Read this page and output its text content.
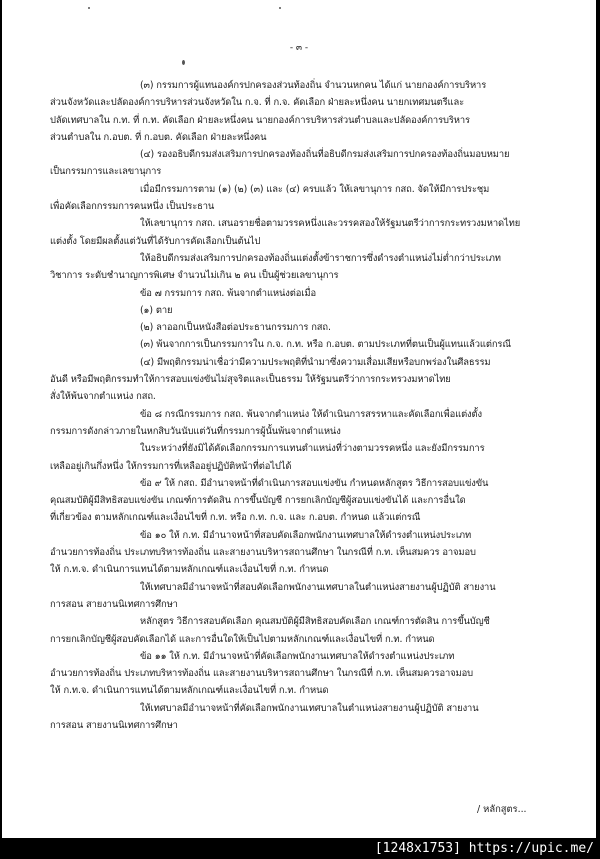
- ๓ -
(๓) กรรมการผู้แทนองค์กรปกครองส่วนท้องถิ่น จำนวนหกคน ได้แก่ นายกองค์การบริหาร
ส่วนจังหวัดและปลัดองค์การบริหารส่วนจังหวัดใน ก.จ. ที่ ก.จ. คัดเลือก ฝ่ายละหนึ่งคน นายกเทศมนตรีและ
ปลัดเทศบาลใน ก.ท. ที่ ก.ท. คัดเลือก ฝ่ายละหนึ่งคน นายกองค์การบริหารส่วนตำบลและปลัดองค์การบริหาร
ส่วนตำบลใน ก.อบต. ที่ ก.อบต. คัดเลือก ฝ่ายละหนึ่งคน
(๔) รองอธิบดีกรมส่งเสริมการปกครองท้องถิ่นที่อธิบดีกรมส่งเสริมการปกครองท้องถิ่นมอบหมาย
เป็นกรรมการและเลขานุการ
เมื่อมีกรรมการตาม (๑) (๒) (๓) และ (๔) ครบแล้ว ให้เลขานุการ กสถ. จัดให้มีการประชุม
เพื่อคัดเลือกกรรมการคนหนึ่ง เป็นประธาน
ให้เลขานุการ กสถ. เสนอรายชื่อตามวรรคหนึ่งและวรรคสองให้รัฐมนตรีว่าการกระทรวงมหาดไทย
แต่งตั้ง โดยมีผลตั้งแต่วันที่ได้รับการคัดเลือกเป็นต้นไป
ให้อธิบดีกรมส่งเสริมการปกครองท้องถิ่นแต่งตั้งข้าราชการซึ่งดำรงตำแหน่งไม่ต่ำกว่าประเภท
วิชาการ ระดับชำนาญการพิเศษ จำนวนไม่เกิน ๒ คน เป็นผู้ช่วยเลขานุการ
ข้อ ๗ กรรมการ กสถ. พ้นจากตำแหน่งต่อเมื่อ
(๑) ตาย
(๒) ลาออกเป็นหนังสือต่อประธานกรรมการ กสถ.
(๓) พ้นจากการเป็นกรรมการใน ก.จ. ก.ท. หรือ ก.อบต. ตามประเภทที่ตนเป็นผู้แทนแล้วแต่กรณี
(๔) มีพฤติกรรมน่าเชื่อว่ามีความประพฤติที่นำมาซึ่งความเสื่อมเสียหรือบกพร่องในศีลธรรม
อันดี หรือมีพฤติกรรมทำให้การสอบแข่งขันไม่สุจริตและเป็นธรรม ให้รัฐมนตรีว่าการกระทรวงมหาดไทย
สั่งให้พ้นจากตำแหน่ง กสถ.
ข้อ ๘ กรณีกรรมการ กสถ. พ้นจากตำแหน่ง ให้ดำเนินการสรรหาและคัดเลือกเพื่อแต่งตั้ง
กรรมการดังกล่าวภายในหกสิบวันนับแต่วันที่กรรมการผู้นั้นพ้นจากตำแหน่ง
ในระหว่างที่ยังมิได้คัดเลือกกรรมการแทนตำแหน่งที่ว่างตามวรรคหนึ่ง และยังมีกรรมการ
เหลืออยู่เกินกึ่งหนึ่ง ให้กรรมการที่เหลืออยู่ปฏิบัติหน้าที่ต่อไปได้
ข้อ ๙ ให้ กสถ. มีอำนาจหน้าที่ดำเนินการสอบแข่งขัน กำหนดหลักสูตร วิธีการสอบแข่งขัน
คุณสมบัติผู้มีสิทธิสอบแข่งขัน เกณฑ์การตัดสิน การขึ้นบัญชี การยกเลิกบัญชีผู้สอบแข่งขันได้ และการอื่นใด
ที่เกี่ยวข้อง ตามหลักเกณฑ์และเงื่อนไขที่ ก.ท. หรือ ก.ท. ก.จ. และ ก.อบต. กำหนด แล้วแต่กรณี
ข้อ ๑๐ ให้ ก.ท. มีอำนาจหน้าที่สอบคัดเลือกพนักงานเทศบาลให้ดำรงตำแหน่งประเภท
อำนวยการท้องถิ่น ประเภทบริหารท้องถิ่น และสายงานบริหารสถานศึกษา ในกรณีที่ ก.ท. เห็นสมควร อาจมอบ
ให้ ก.ท.จ. ดำเนินการแทนได้ตามหลักเกณฑ์และเงื่อนไขที่ ก.ท. กำหนด
ให้เทศบาลมีอำนาจหน้าที่สอบคัดเลือกพนักงานเทศบาลในตำแหน่งสายงานผู้ปฏิบัติ สายงาน
การสอน สายงานนิเทศการศึกษา
หลักสูตร วิธีการสอบคัดเลือก คุณสมบัติผู้มีสิทธิสอบคัดเลือก เกณฑ์การตัดสิน การขึ้นบัญชี
การยกเลิกบัญชีผู้สอบคัดเลือกได้ และการอื่นใดให้เป็นไปตามหลักเกณฑ์และเงื่อนไขที่ ก.ท. กำหนด
ข้อ ๑๑ ให้ ก.ท. มีอำนาจหน้าที่คัดเลือกพนักงานเทศบาลให้ดำรงตำแหน่งประเภท
อำนวยการท้องถิ่น ประเภทบริหารท้องถิ่น และสายงานบริหารสถานศึกษา ในกรณีที่ ก.ท. เห็นสมควรอาจมอบ
ให้ ก.ท.จ. ดำเนินการแทนได้ตามหลักเกณฑ์และเงื่อนไขที่ ก.ท. กำหนด
ให้เทศบาลมีอำนาจหน้าที่คัดเลือกพนักงานเทศบาลในตำแหน่งสายงานผู้ปฏิบัติ สายงาน
การสอน สายงานนิเทศการศึกษา
/ หลักสูตร...
[1248x1753] https://upic.me/
